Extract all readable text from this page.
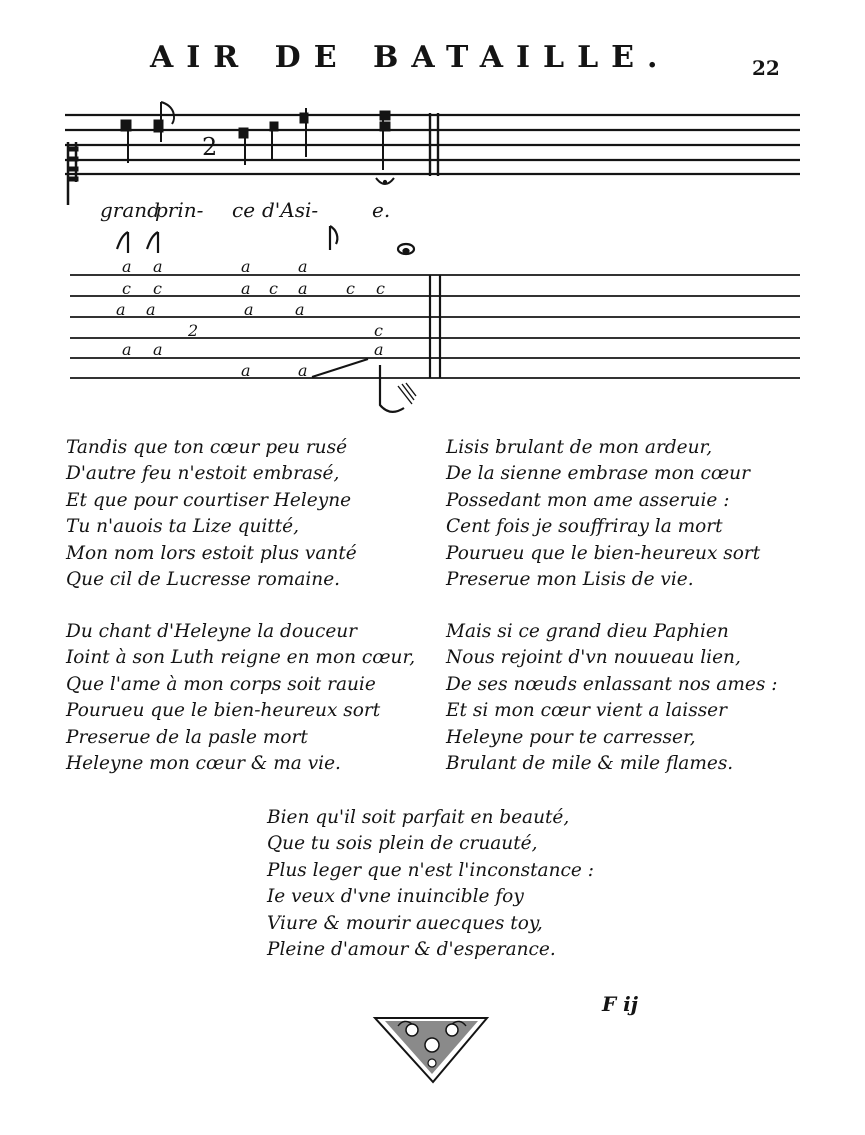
AIR DE BATAILLE.	22
2
a a	a	a
c c	a c a c c
a a	a	a
2	c
a a	a
a	a
grand
prin- ce d'Asi-	e.
Tandis que ton cœur peu rusé
D'autre feu n'estoit embrasé,
Et que pour courtiser Heleyne
Tu n'auois ta Lize quitté,
Mon nom lors estoit plus vanté
Que cil de Lucresse romaine.
Lisis brulant de mon ardeur,
De la sienne embrase mon cœur
Possedant mon ame asseruie :
Cent fois je souffriray la mort
Pourueu que le bien-heureux sort
Preserue mon Lisis de vie.
Du chant d'Heleyne la douceur
Ioint à son Luth reigne en mon cœur,
Que l'ame à mon corps soit rauie
Pourueu que le bien-heureux sort
Preserue de la pasle mort
Heleyne mon cœur & ma vie.
Mais si ce grand dieu Paphien
Nous rejoint d'vn nouueau lien,
De ses nœuds enlassant nos ames :
Et si mon cœur vient a laisser
Heleyne pour te carresser,
Brulant de mile & mile flames.
Bien qu'il soit parfait en beauté,
Que tu sois plein de cruauté,
Plus leger que n'est l'inconstance :
Ie veux d'vne inuincible foy
Viure & mourir auecques toy,
Pleine d'amour & d'esperance.
F ij
